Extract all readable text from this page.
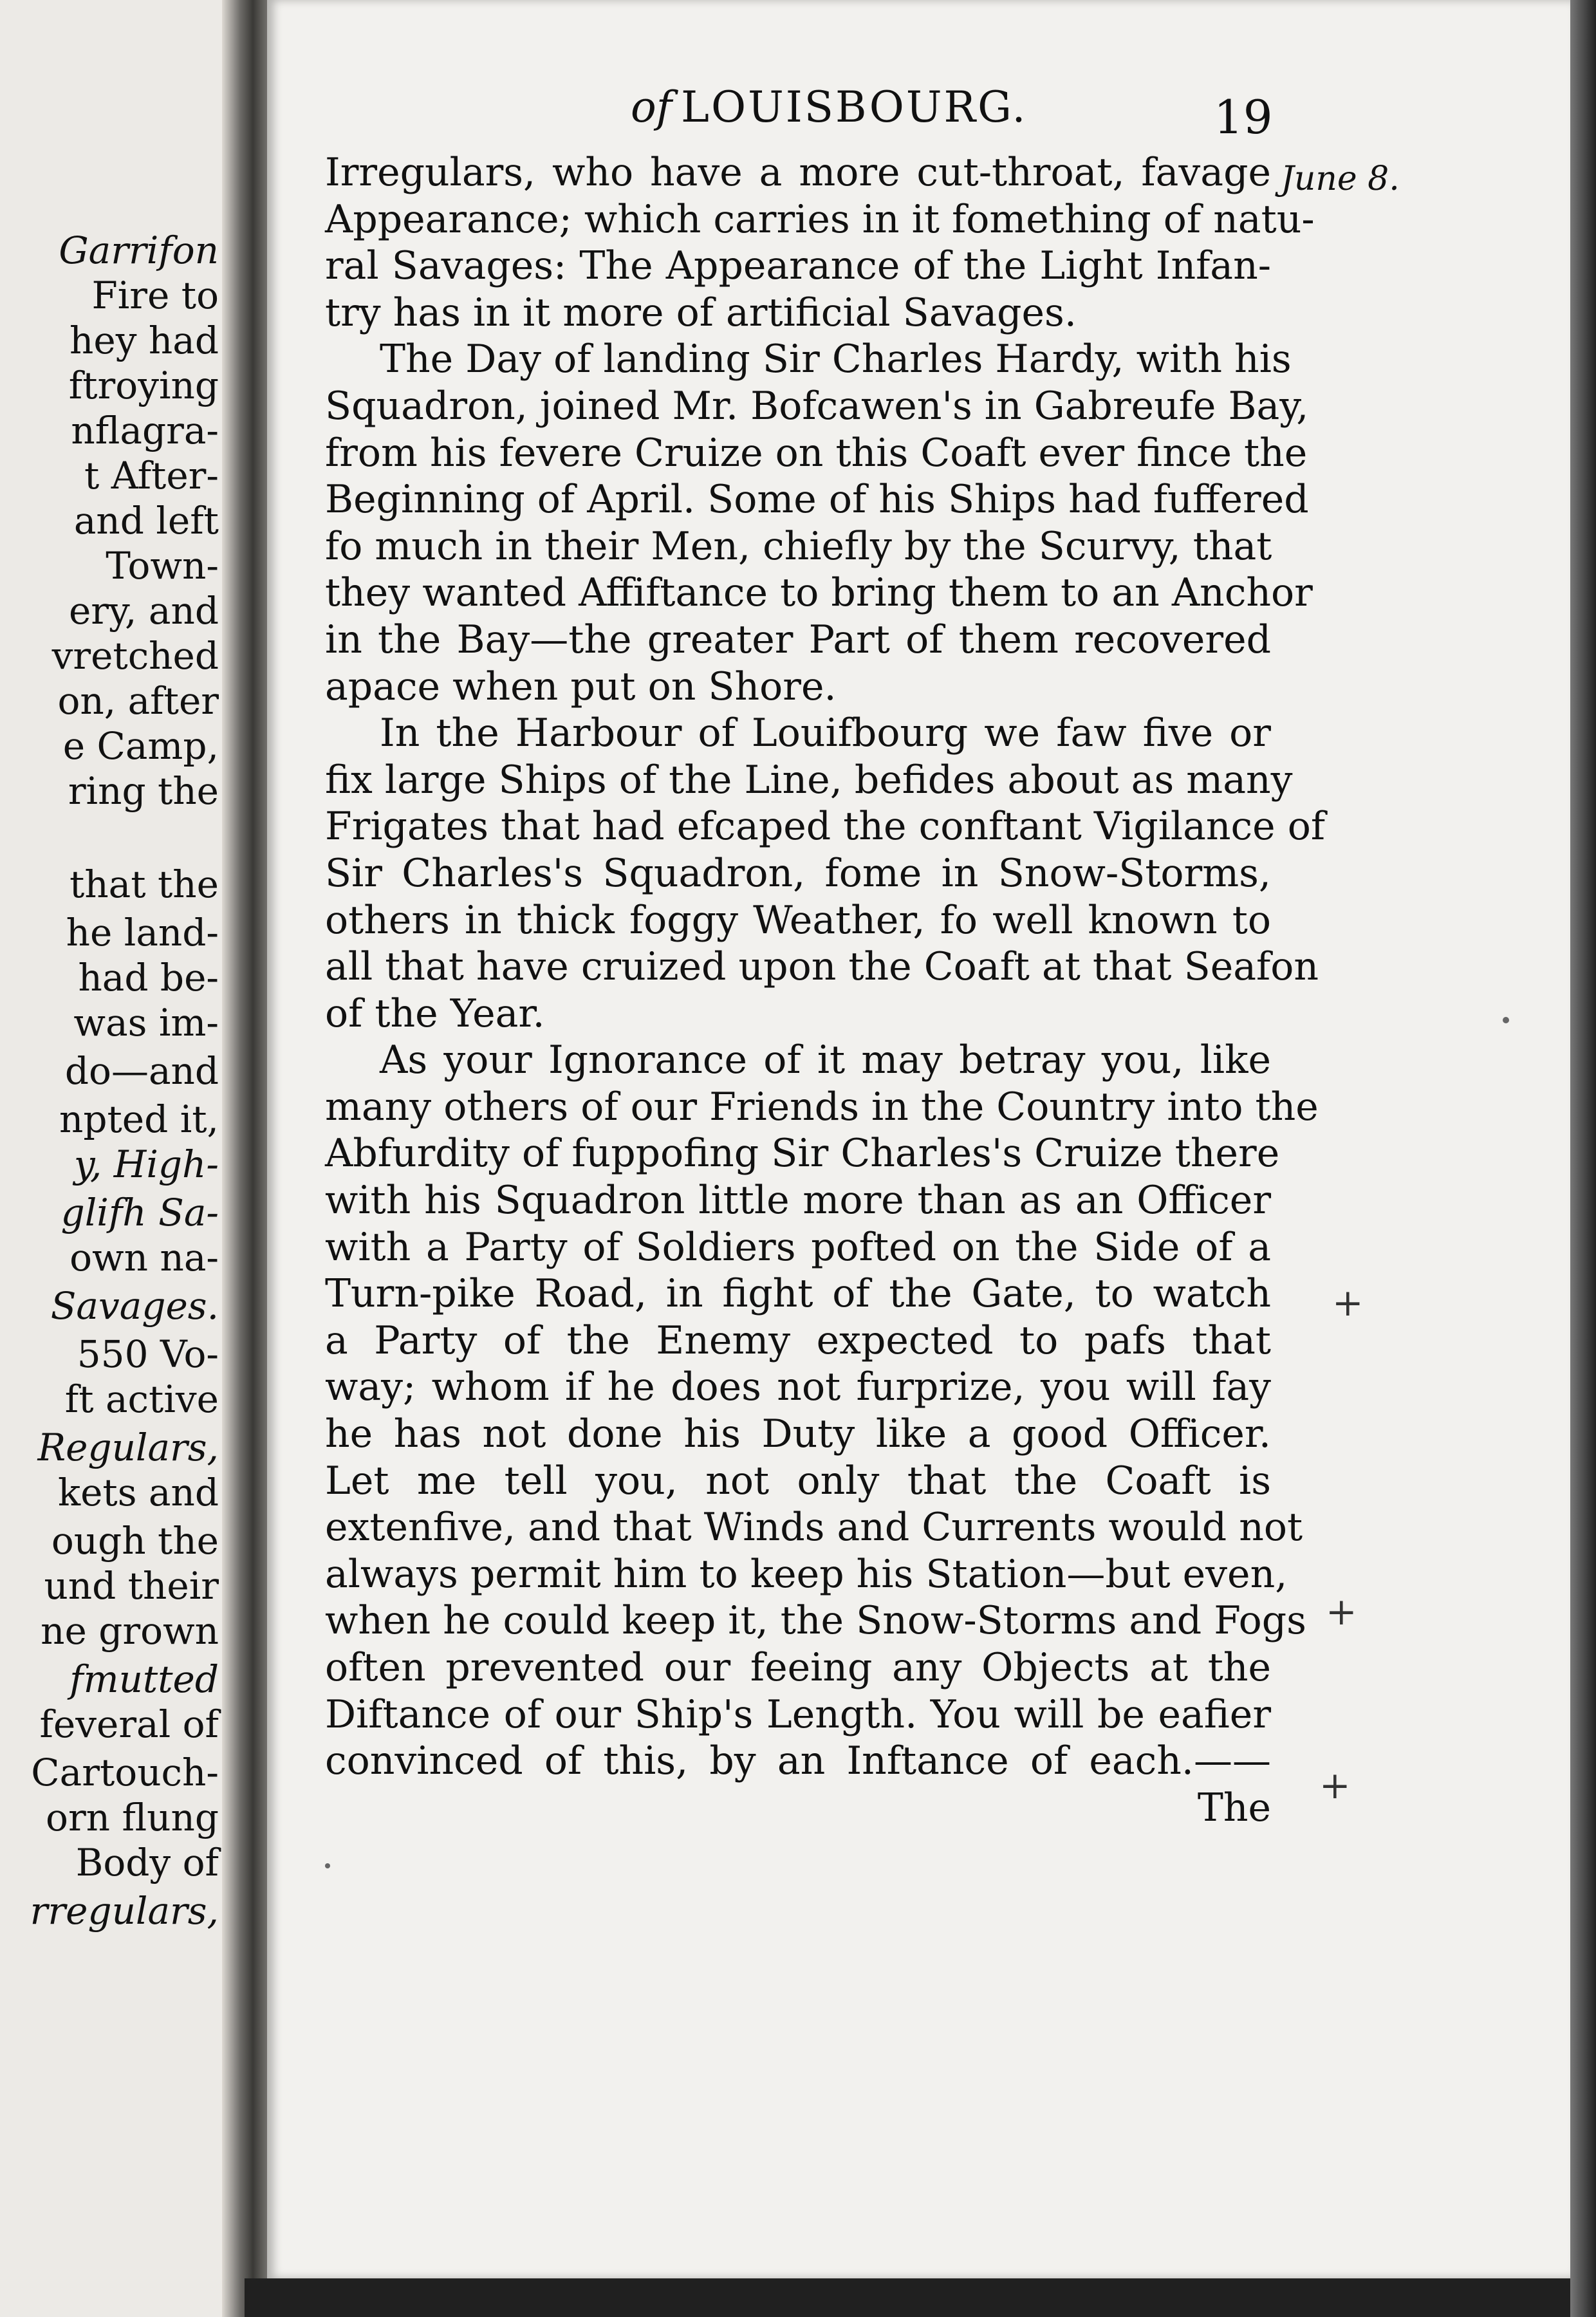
Garrifon
Fire to
hey had
ftroying
nflagra-
t After-
and left
Town-
ery, and
vretched
on, after
e Camp,
ring the
that the
he land-
had be-
was im-
do—and
npted it,
y, High-
glifh Sa-
own na-
Savages.
550 Vo-
ft active
Regulars,
kets and
ough the
und their
ne grown
fmutted
feveral of
Cartouch-
orn flung
Body of
rregulars,
of LOUISBOURG.	19
June 8.
Irregulars, who have a more cut-throat, favage
Appearance; which carries in it fomething of natu-
ral Savages: The Appearance of the Light Infan-
try has in it more of artificial Savages.
The Day of landing Sir Charles Hardy, with his
Squadron, joined Mr. Bofcawen's in Gabreufe Bay,
from his fevere Cruize on this Coaft ever fince the
Beginning of April. Some of his Ships had fuffered
fo much in their Men, chiefly by the Scurvy, that
they wanted Affiftance to bring them to an Anchor
in the Bay—the greater Part of them recovered
apace when put on Shore.
In the Harbour of Louifbourg we faw five or
fix large Ships of the Line, befides about as many
Frigates that had efcaped the conftant Vigilance of
Sir Charles's Squadron, fome in Snow-Storms,
others in thick foggy Weather, fo well known to
all that have cruized upon the Coaft at that Seafon
of the Year.
As your Ignorance of it may betray you, like
many others of our Friends in the Country into the
Abfurdity of fuppofing Sir Charles's Cruize there
with his Squadron little more than as an Officer
with a Party of Soldiers pofted on the Side of a
Turn-pike Road, in fight of the Gate, to watch
a Party of the Enemy expected to pafs that
way; whom if he does not furprize, you will fay
he has not done his Duty like a good Officer.
Let me tell you, not only that the Coaft is
extenfive, and that Winds and Currents would not
always permit him to keep his Station—but even,
when he could keep it, the Snow-Storms and Fogs
often prevented our feeing any Objects at the
Diftance of our Ship's Length. You will be eafier
convinced of this, by an Inftance of each.——
The
+
+
+
